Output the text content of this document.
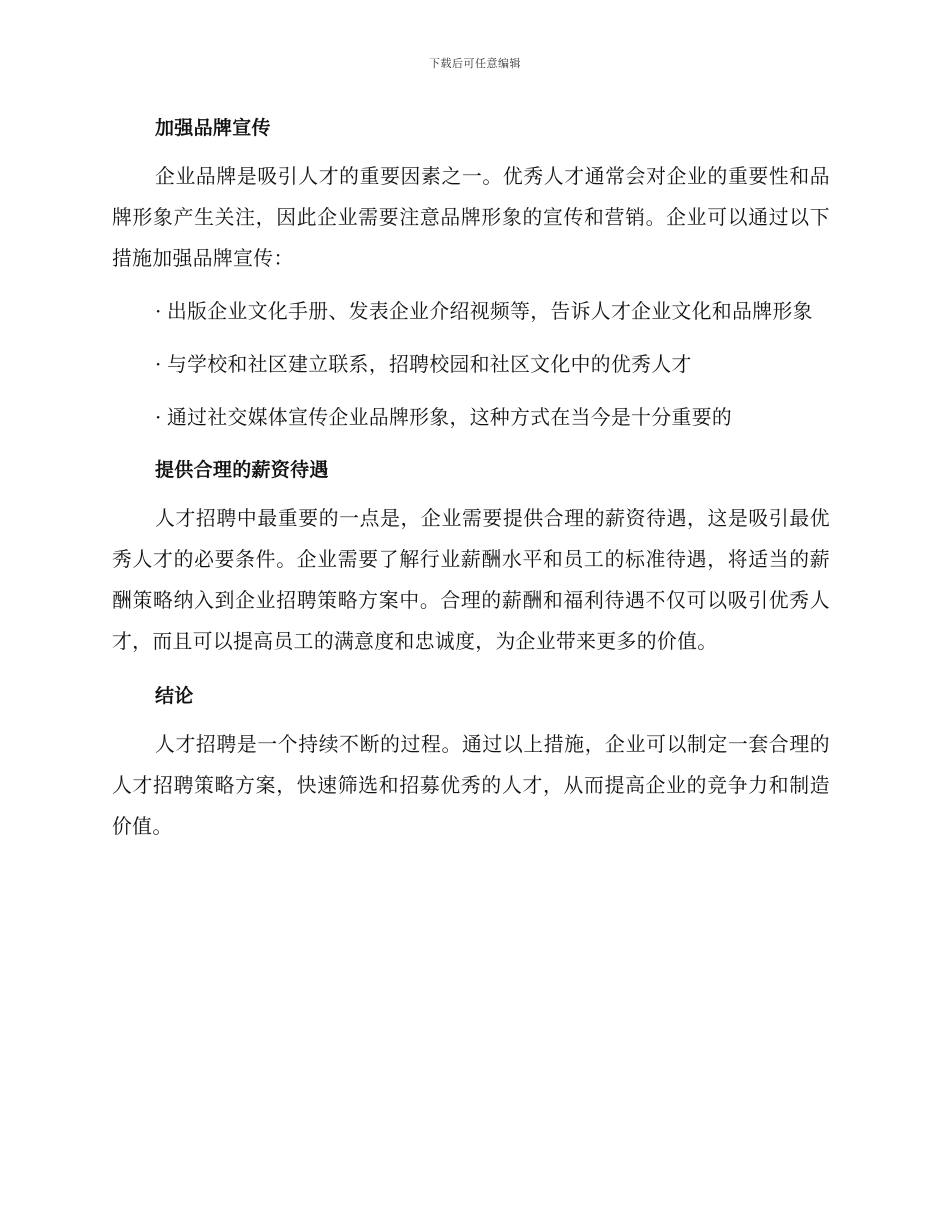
下载后可任意编辑
加强品牌宣传

企业品牌是吸引人才的重要因素之一。优秀人才通常会对企业的重要性和品牌形象产生关注，因此企业需要注意品牌形象的宣传和营销。企业可以通过以下措施加强品牌宣传：

· 出版企业文化手册、发表企业介绍视频等，告诉人才企业文化和品牌形象

· 与学校和社区建立联系，招聘校园和社区文化中的优秀人才

· 通过社交媒体宣传企业品牌形象，这种方式在当今是十分重要的

提供合理的薪资待遇

人才招聘中最重要的一点是，企业需要提供合理的薪资待遇，这是吸引最优秀人才的必要条件。企业需要了解行业薪酬水平和员工的标准待遇，将适当的薪酬策略纳入到企业招聘策略方案中。合理的薪酬和福利待遇不仅可以吸引优秀人才，而且可以提高员工的满意度和忠诚度，为企业带来更多的价值。

结论

人才招聘是一个持续不断的过程。通过以上措施，企业可以制定一套合理的人才招聘策略方案，快速筛选和招募优秀的人才，从而提高企业的竞争力和制造价值。
